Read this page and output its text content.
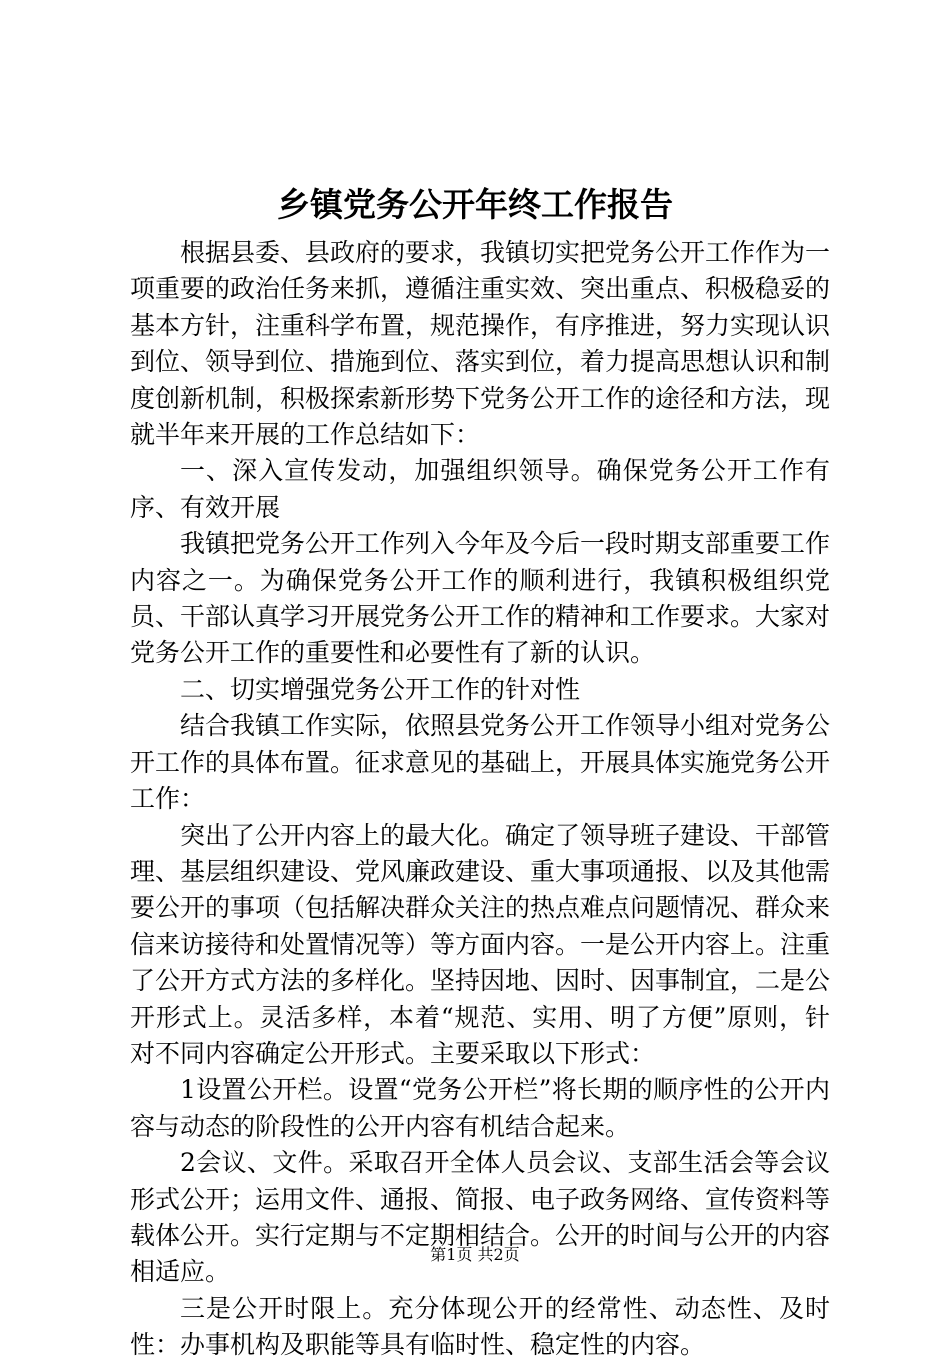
乡镇党务公开年终工作报告

根据县委、县政府的要求，我镇切实把党务公开工作作为一项重要的政治任务来抓，遵循注重实效、突出重点、积极稳妥的基本方针，注重科学布置，规范操作，有序推进，努力实现认识到位、领导到位、措施到位、落实到位，着力提高思想认识和制度创新机制，积极探索新形势下党务公开工作的途径和方法，现就半年来开展的工作总结如下：

一、深入宣传发动，加强组织领导。确保党务公开工作有序、有效开展

我镇把党务公开工作列入今年及今后一段时期支部重要工作内容之一。为确保党务公开工作的顺利进行，我镇积极组织党员、干部认真学习开展党务公开工作的精神和工作要求。大家对党务公开工作的重要性和必要性有了新的认识。

二、切实增强党务公开工作的针对性

结合我镇工作实际，依照县党务公开工作领导小组对党务公开工作的具体布置。征求意见的基础上，开展具体实施党务公开工作：

突出了公开内容上的最大化。确定了领导班子建设、干部管理、基层组织建设、党风廉政建设、重大事项通报、以及其他需要公开的事项（包括解决群众关注的热点难点问题情况、群众来信来访接待和处置情况等）等方面内容。一是公开内容上。注重了公开方式方法的多样化。坚持因地、因时、因事制宜，二是公开形式上。灵活多样，本着“规范、实用、明了方便”原则，针对不同内容确定公开形式。主要采取以下形式：

1设置公开栏。设置“党务公开栏”将长期的顺序性的公开内容与动态的阶段性的公开内容有机结合起来。

2会议、文件。采取召开全体人员会议、支部生活会等会议形式公开；运用文件、通报、简报、电子政务网络、宣传资料等载体公开。实行定期与不定期相结合。公开的时间与公开的内容相适应。

三是公开时限上。充分体现公开的经常性、动态性、及时性：办事机构及职能等具有临时性、稳定性的内容。

第1页 共2页
